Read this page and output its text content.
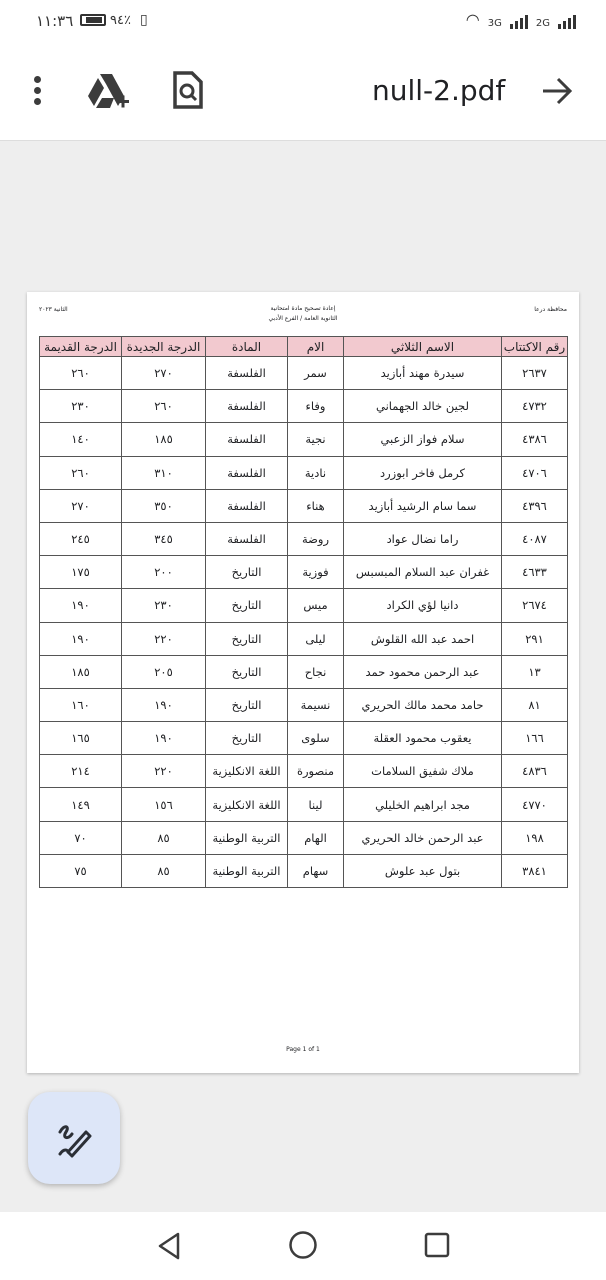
١١:٣٦	٩٤٪ ▯	◠ 3G	2G
null-2.pdf
محافظة درعا
إعادة تصحيح مادة امتحانية
الثانوية العامة / الفرع الأدبي
الثانية ٢٠٢٣
رقم الاكتتاب	الاسم الثلاثي	الام	المادة	الدرجة الجديدة	الدرجة القديمة
٢٦٣٧	سيدرة مهند أبازيد	سمر	الفلسفة	٢٧٠	٢٦٠
٤٧٣٢	لجين خالد الجهماني	وفاء	الفلسفة	٢٦٠	٢٣٠
٤٣٨٦	سلام فواز الزعبي	نجية	الفلسفة	١٨٥	١٤٠
٤٧٠٦	كرمل فاخر ابوزرد	نادية	الفلسفة	٣١٠	٢٦٠
٤٣٩٦	سما سام الرشيد أبازيد	هناء	الفلسفة	٣٥٠	٢٧٠
٤٠٨٧	راما نضال عواد	روضة	الفلسفة	٣٤٥	٢٤٥
٤٦٣٣	غفران عبد السلام المبسبس	فوزية	التاريخ	٢٠٠	١٧٥
٢٦٧٤	دانيا لؤي الكراد	ميس	التاريخ	٢٣٠	١٩٠
٢٩١	احمد عبد الله القلوش	ليلى	التاريخ	٢٢٠	١٩٠
١٣	عبد الرحمن محمود حمد	نجاح	التاريخ	٢٠٥	١٨٥
٨١	حامد محمد مالك الحريري	نسيمة	التاريخ	١٩٠	١٦٠
١٦٦	يعقوب محمود العقلة	سلوى	التاريخ	١٩٠	١٦٥
٤٨٣٦	ملاك شفيق السلامات	منصورة	اللغة الانكليزية	٢٢٠	٢١٤
٤٧٧٠	مجد ابراهيم الخليلي	لينا	اللغة الانكليزية	١٥٦	١٤٩
١٩٨	عبد الرحمن خالد الحريري	الهام	التربية الوطنية	٨٥	٧٠
٣٨٤١	بتول عبد علوش	سهام	التربية الوطنية	٨٥	٧٥
Page 1 of 1
